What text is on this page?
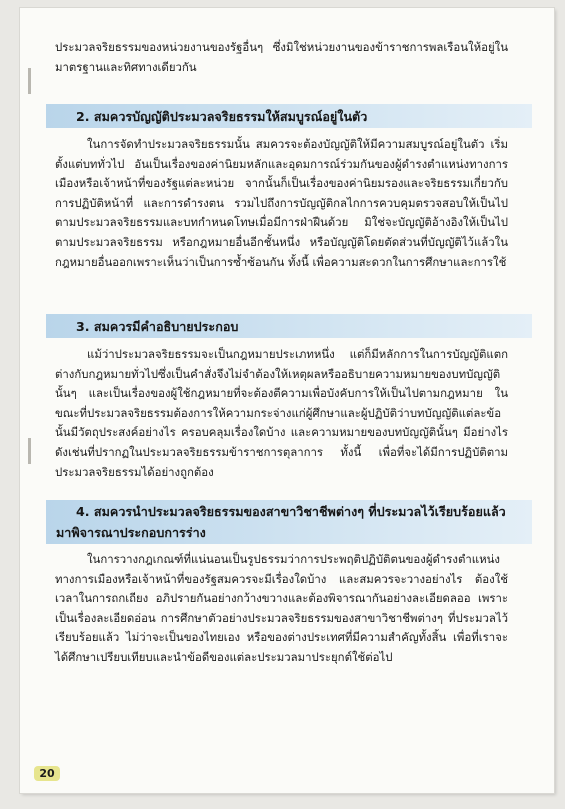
ประมวลจริยธรรมของหน่วยงานของรัฐอื่นๆ ซึ่งมิใช่หน่วยงานของข้าราชการพลเรือนให้อยู่ในมาตรฐานและทิศทางเดียวกัน

2. สมควรบัญญัติประมวลจริยธรรมให้สมบูรณ์อยู่ในตัว

ในการจัดทำประมวลจริยธรรมนั้น สมควรจะต้องบัญญัติให้มีความสมบูรณ์อยู่ในตัว เริ่มตั้งแต่บททั่วไป อันเป็นเรื่องของค่านิยมหลักและอุดมการณ์ร่วมกันของผู้ดำรงตำแหน่งทางการเมืองหรือเจ้าหน้าที่ของรัฐแต่ละหน่วย จากนั้นก็เป็นเรื่องของค่านิยมรองและจริยธรรมเกี่ยวกับการปฏิบัติหน้าที่ และการดำรงตน รวมไปถึงการบัญญัติกลไกการควบคุมตรวจสอบให้เป็นไปตามประมวลจริยธรรมและบทกำหนดโทษเมื่อมีการฝ่าฝืนด้วย มิใช่จะบัญญัติอ้างอิงให้เป็นไปตามประมวลจริยธรรม หรือกฎหมายอื่นอีกชั้นหนึ่ง หรือบัญญัติโดยตัดส่วนที่บัญญัติไว้แล้วในกฎหมายอื่นออกเพราะเห็นว่าเป็นการซ้ำซ้อนกัน ทั้งนี้ เพื่อความสะดวกในการศึกษาและการใช้

3. สมควรมีคำอธิบายประกอบ

แม้ว่าประมวลจริยธรรมจะเป็นกฎหมายประเภทหนึ่ง แต่ก็มีหลักการในการบัญญัติแตกต่างกับกฎหมายทั่วไปซึ่งเป็นคำสั่งจึงไม่จำต้องให้เหตุผลหรืออธิบายความหมายของบทบัญญัตินั้นๆ และเป็นเรื่องของผู้ใช้กฎหมายที่จะต้องตีความเพื่อบังคับการให้เป็นไปตามกฎหมาย ในขณะที่ประมวลจริยธรรมต้องการให้ความกระจ่างแก่ผู้ศึกษาและผู้ปฏิบัติว่าบทบัญญัติแต่ละข้อนั้นมีวัตถุประสงค์อย่างไร ครอบคลุมเรื่องใดบ้าง และความหมายของบทบัญญัตินั้นๆ มีอย่างไร ดังเช่นที่ปรากฏในประมวลจริยธรรมข้าราชการตุลาการ ทั้งนี้ เพื่อที่จะได้มีการปฏิบัติตามประมวลจริยธรรมได้อย่างถูกต้อง

4. สมควรนำประมวลจริยธรรมของสาขาวิชาชีพต่างๆ ที่ประมวลไว้เรียบร้อยแล้ว มาพิจารณาประกอบการร่าง

ในการวางกฎเกณฑ์ที่แน่นอนเป็นรูปธรรมว่าการประพฤติปฏิบัติตนของผู้ดำรงตำแหน่งทางการเมืองหรือเจ้าหน้าที่ของรัฐสมควรจะมีเรื่องใดบ้าง และสมควรจะวางอย่างไร ต้องใช้เวลาในการถกเถียง อภิปรายกันอย่างกว้างขวางและต้องพิจารณากันอย่างละเอียดลออ เพราะเป็นเรื่องละเอียดอ่อน การศึกษาตัวอย่างประมวลจริยธรรมของสาขาวิชาชีพต่างๆ ที่ประมวลไว้เรียบร้อยแล้ว ไม่ว่าจะเป็นของไทยเอง หรือของต่างประเทศที่มีความสำคัญทั้งสิ้น เพื่อที่เราจะได้ศึกษาเปรียบเทียบและนำข้อดีของแต่ละประมวลมาประยุกต์ใช้ต่อไป

20
